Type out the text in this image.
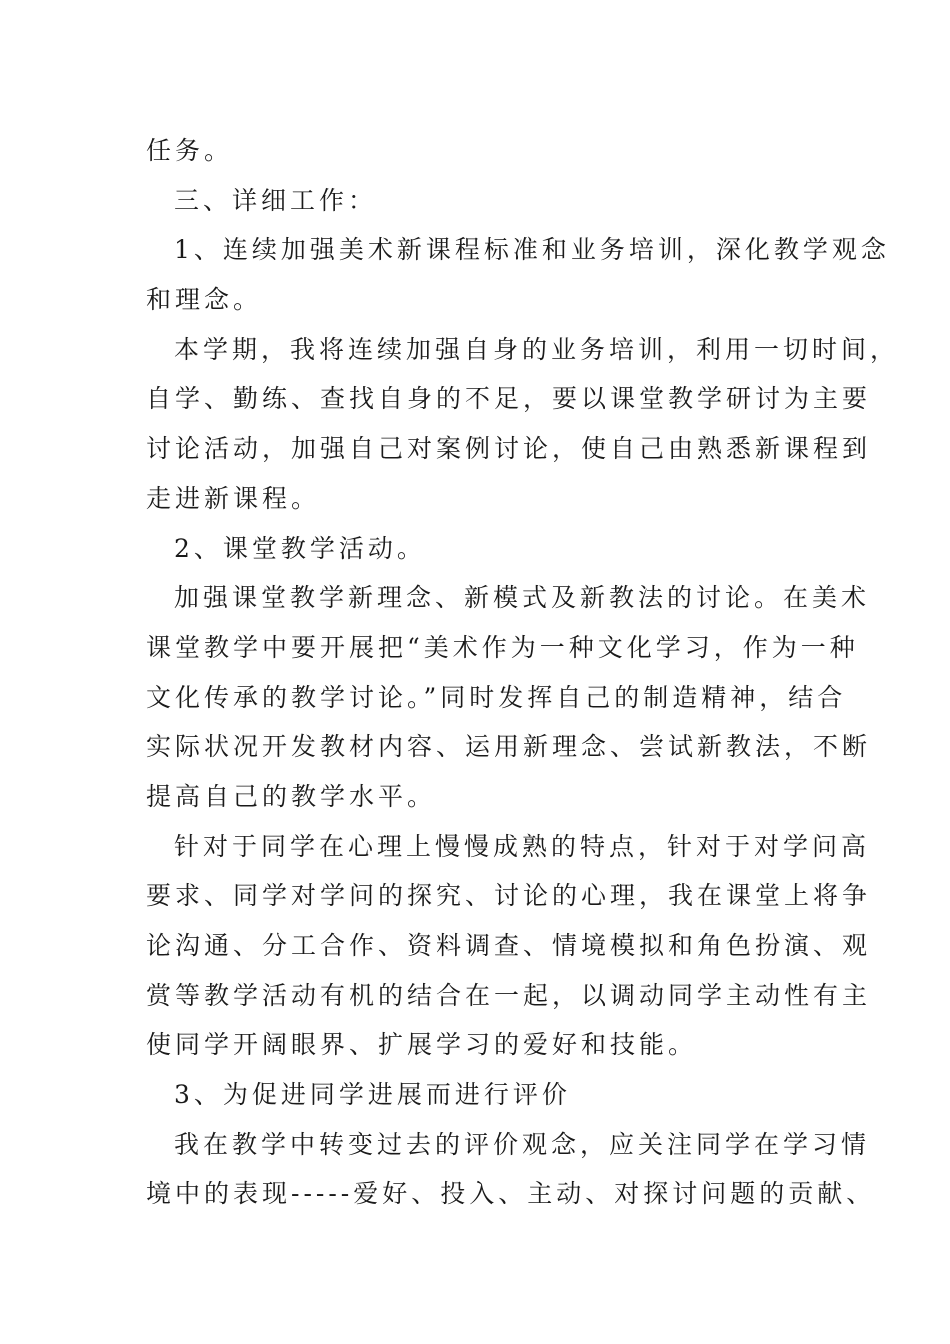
任务。
三、详细工作：
1、连续加强美术新课程标准和业务培训，深化教学观念
和理念。
本学期，我将连续加强自身的业务培训，利用一切时间，
自学、勤练、查找自身的不足，要以课堂教学研讨为主要
讨论活动，加强自己对案例讨论，使自己由熟悉新课程到
走进新课程。
2、课堂教学活动。
加强课堂教学新理念、新模式及新教法的讨论。在美术
课堂教学中要开展把“美术作为一种文化学习，作为一种
文化传承的教学讨论。”同时发挥自己的制造精神，结合
实际状况开发教材内容、运用新理念、尝试新教法，不断
提高自己的教学水平。
针对于同学在心理上慢慢成熟的特点，针对于对学问高
要求、同学对学问的探究、讨论的心理，我在课堂上将争
论沟通、分工合作、资料调查、情境模拟和角色扮演、观
赏等教学活动有机的结合在一起，以调动同学主动性有主
使同学开阔眼界、扩展学习的爱好和技能。
3、为促进同学进展而进行评价
我在教学中转变过去的评价观念，应关注同学在学习情
境中的表现-----爱好、投入、主动、对探讨问题的贡献、
